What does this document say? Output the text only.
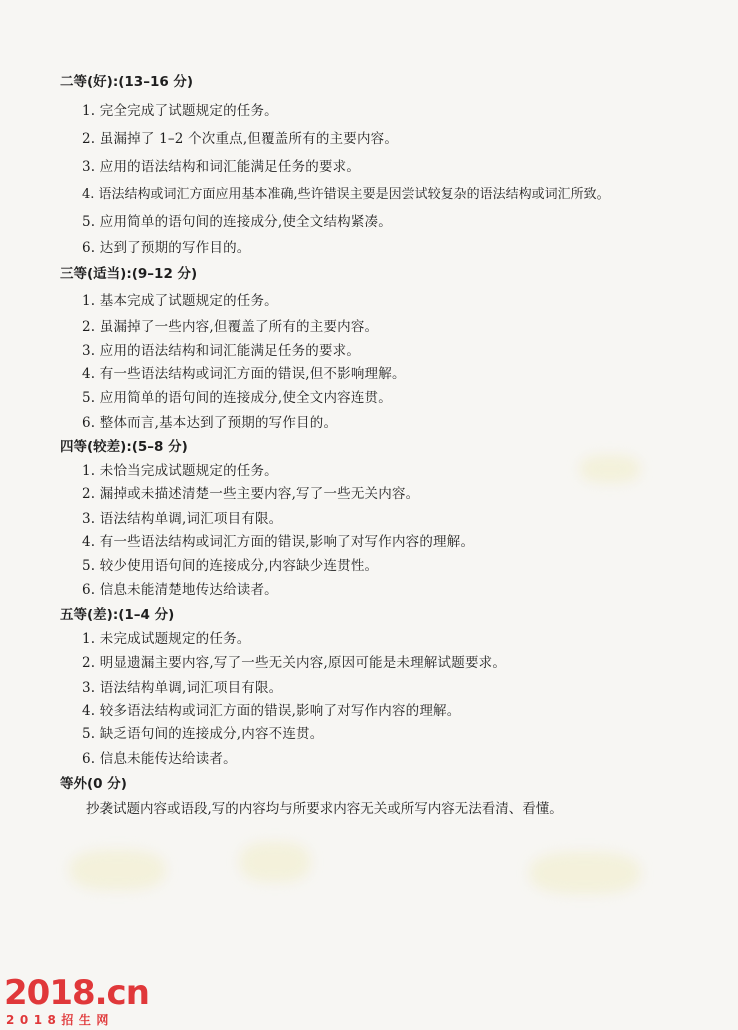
二等(好):(13–16 分)
1. 完全完成了试题规定的任务。
2. 虽漏掉了 1–2 个次重点,但覆盖所有的主要内容。
3. 应用的语法结构和词汇能满足任务的要求。
4. 语法结构或词汇方面应用基本准确,些许错误主要是因尝试较复杂的语法结构或词汇所致。
5. 应用简单的语句间的连接成分,使全文结构紧凑。
6. 达到了预期的写作目的。
三等(适当):(9–12 分)
1. 基本完成了试题规定的任务。
2. 虽漏掉了一些内容,但覆盖了所有的主要内容。
3. 应用的语法结构和词汇能满足任务的要求。
4. 有一些语法结构或词汇方面的错误,但不影响理解。
5. 应用简单的语句间的连接成分,使全文内容连贯。
6. 整体而言,基本达到了预期的写作目的。
四等(较差):(5–8 分)
1. 未恰当完成试题规定的任务。
2. 漏掉或未描述清楚一些主要内容,写了一些无关内容。
3. 语法结构单调,词汇项目有限。
4. 有一些语法结构或词汇方面的错误,影响了对写作内容的理解。
5. 较少使用语句间的连接成分,内容缺少连贯性。
6. 信息未能清楚地传达给读者。
五等(差):(1–4 分)
1. 未完成试题规定的任务。
2. 明显遗漏主要内容,写了一些无关内容,原因可能是未理解试题要求。
3. 语法结构单调,词汇项目有限。
4. 较多语法结构或词汇方面的错误,影响了对写作内容的理解。
5. 缺乏语句间的连接成分,内容不连贯。
6. 信息未能传达给读者。
等外(0 分)
抄袭试题内容或语段,写的内容均与所要求内容无关或所写内容无法看清、看懂。
2018.cn
2018招生网
